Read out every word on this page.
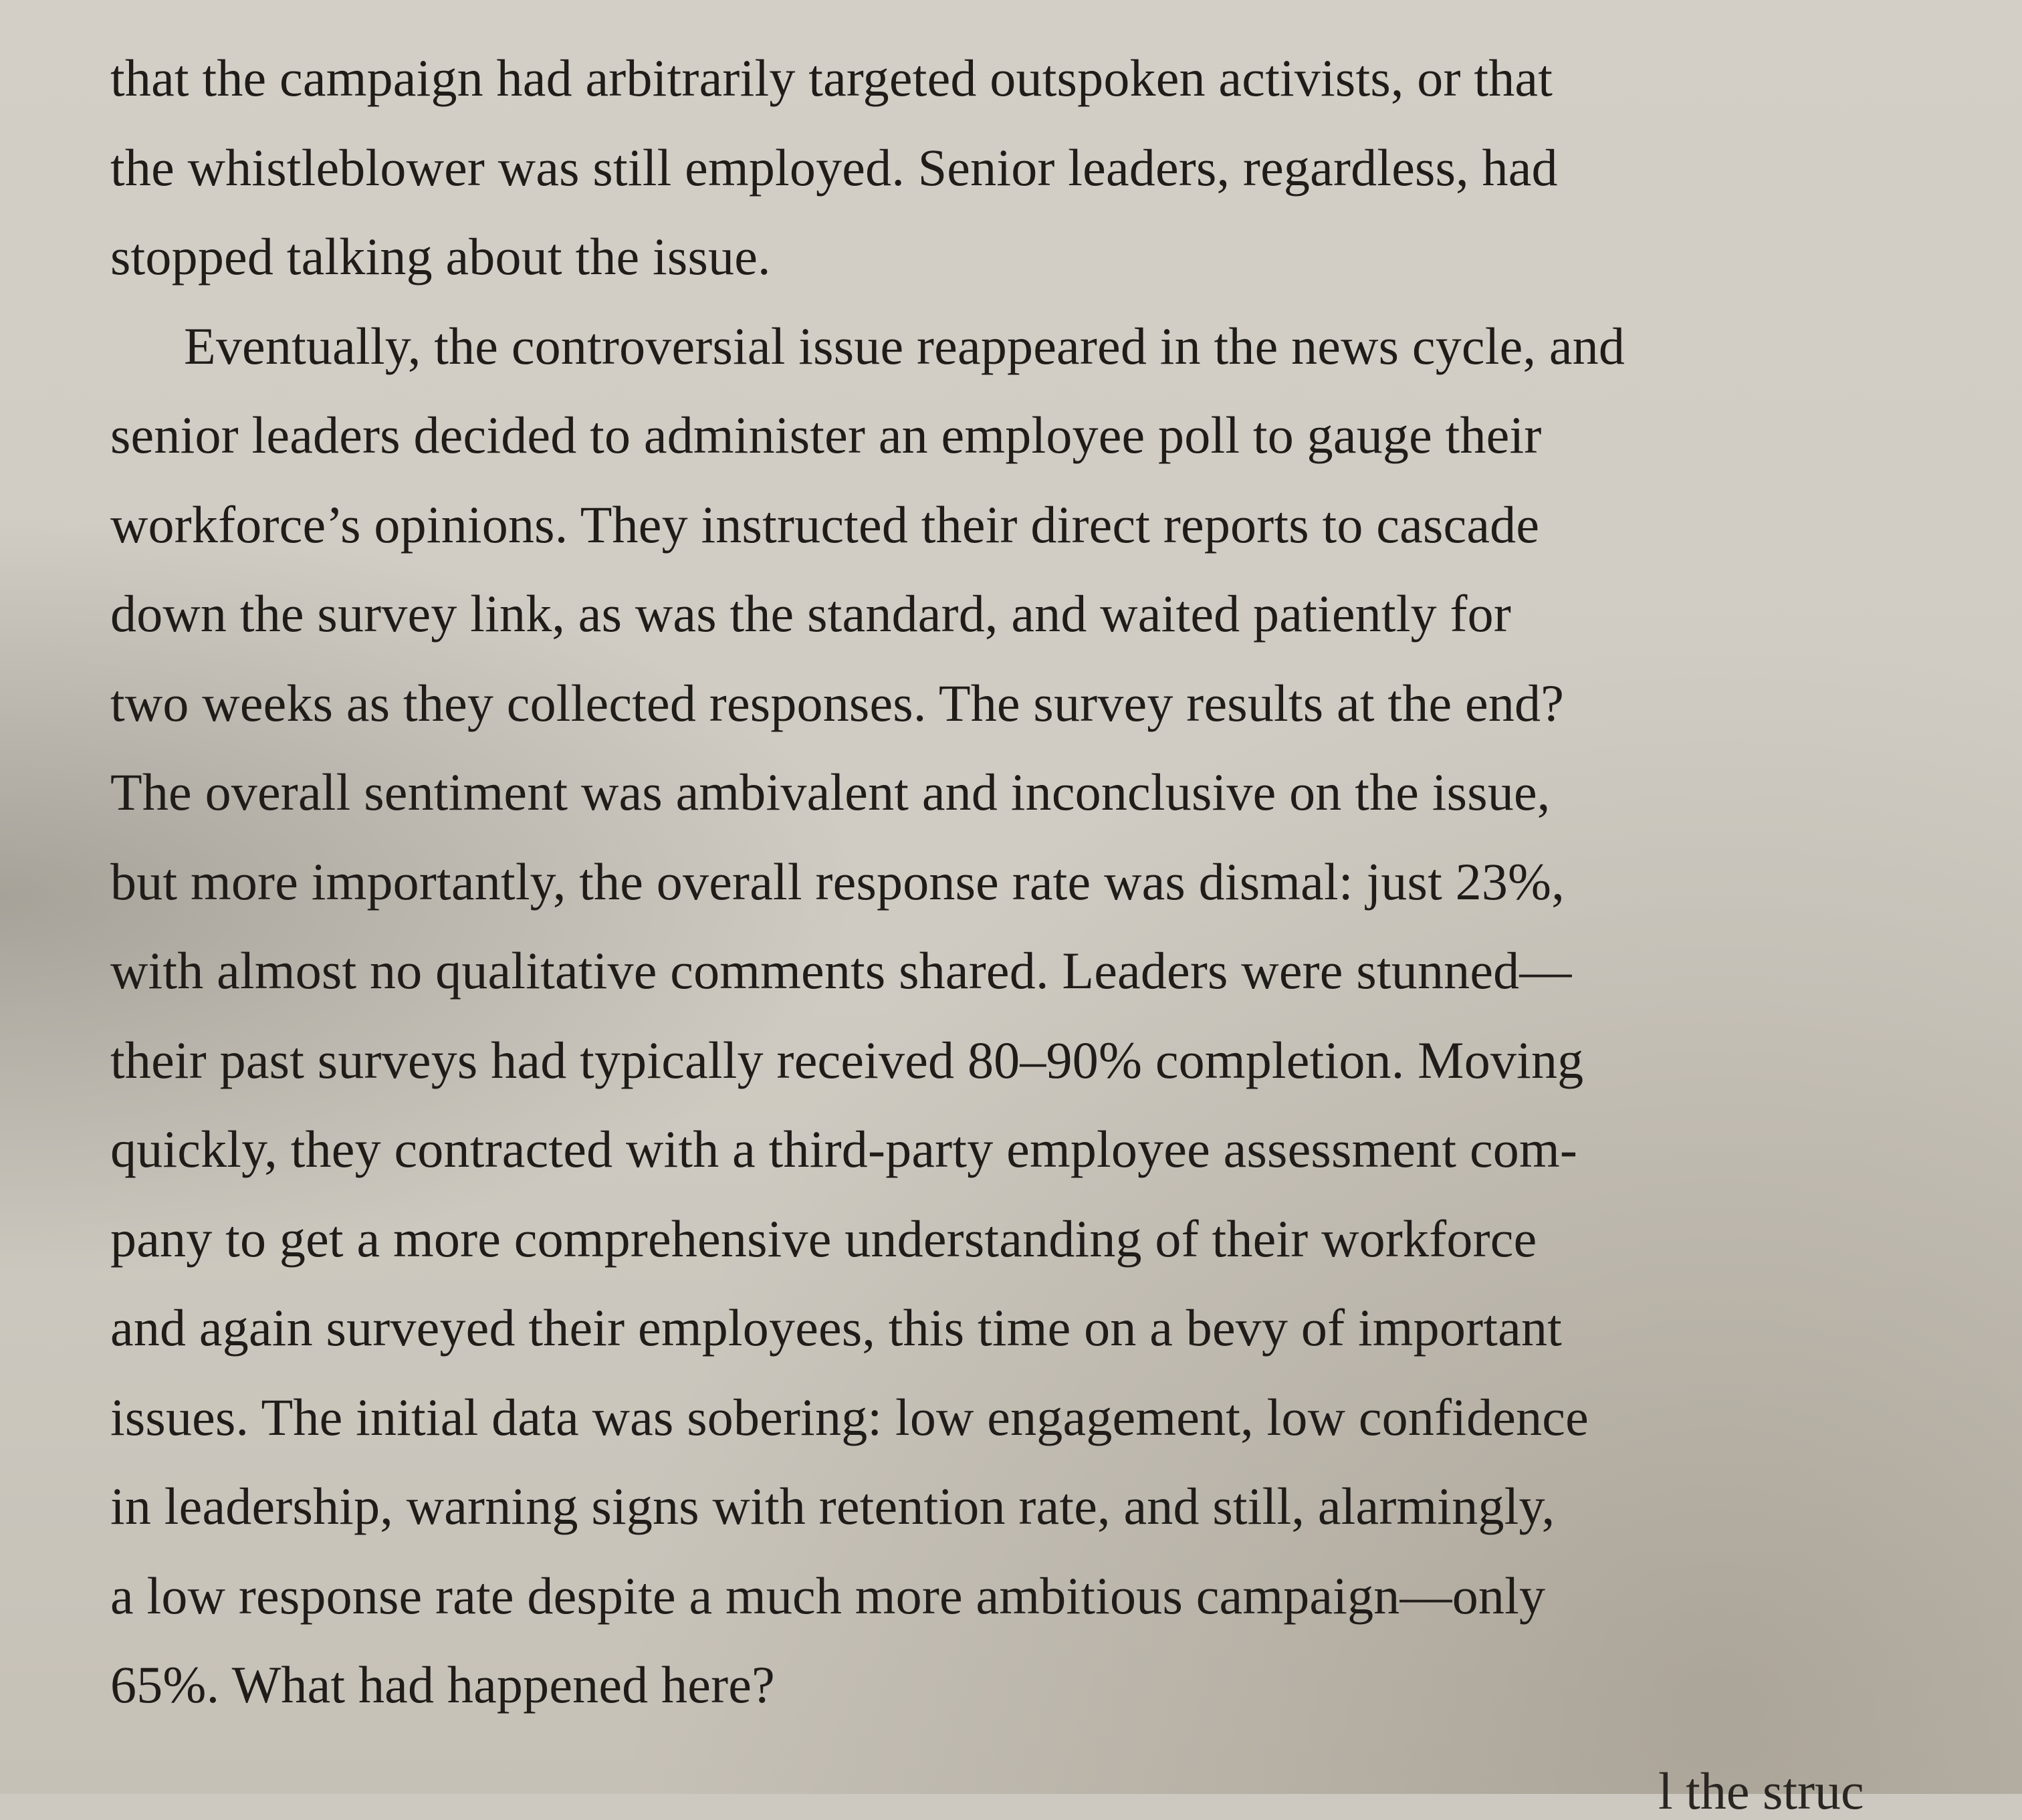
that the campaign had arbitrarily targeted outspoken activists, or that
the whistleblower was still employed. Senior leaders, regardless, had
stopped talking about the issue.
Eventually, the controversial issue reappeared in the news cycle, and
senior leaders decided to administer an employee poll to gauge their
workforce’s opinions. They instructed their direct reports to cascade
down the survey link, as was the standard, and waited patiently for
two weeks as they collected responses. The survey results at the end?
The overall sentiment was ambivalent and inconclusive on the issue,
but more importantly, the overall response rate was dismal: just 23%,
with almost no qualitative comments shared. Leaders were stunned—
their past surveys had typically received 80–90% completion. Moving
quickly, they contracted with a third-party employee assessment com-
pany to get a more comprehensive understanding of their workforce
and again surveyed their employees, this time on a bevy of important
issues. The initial data was sobering: low engagement, low confidence
in leadership, warning signs with retention rate, and still, alarmingly,
a low response rate despite a much more ambitious campaign—only
65%. What had happened here?
l the struc
